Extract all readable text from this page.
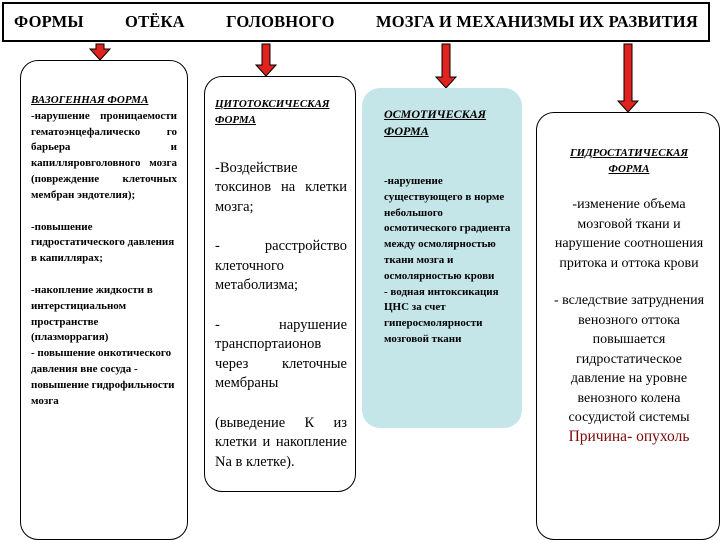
ФОРМЫ	ОТЁКА	ГОЛОВНОГО	МОЗГА И МЕХАНИЗМЫ ИХ РАЗВИТИЯ
ВАЗОГЕННАЯ ФОРМА

-нарушение проницаемости гематоэнцефалическо го барьера и капиллярoвголовного мозга (повреждение клеточных мембран эндотелия);

-повышение гидростатического давления в капиллярах;

-накопление жидкости в интерстициальном пространстве (плазморрагия)
- повышение онкотического давления вне сосуда - повышение гидрофильности мозга

ЦИТОТОКСИЧЕСКАЯ ФОРМА

-Воздействие токсинов на клетки мозга;

- расстройство клеточного метаболизма;

- нарушение транспортаионов через клеточные мембраны

(выведение К из клетки и накопление Na в клетке).

ОСМОТИЧЕСКАЯ ФОРМА

-нарушение существующего в норме небольшого осмотического градиента между осмолярностью ткани мозга и осмолярностью крови
- водная интоксикация ЦНС за счет гиперосмолярности мозговой ткани

ГИДРОСТАТИЧЕСКАЯ ФОРМА

-изменение объема мозговой ткани и нарушение соотношения притока и оттока крови

- вследствие затруднения венозного оттока повышается гидростатическое давление на уровне венозного колена сосудистой системы

Причина- опухоль
